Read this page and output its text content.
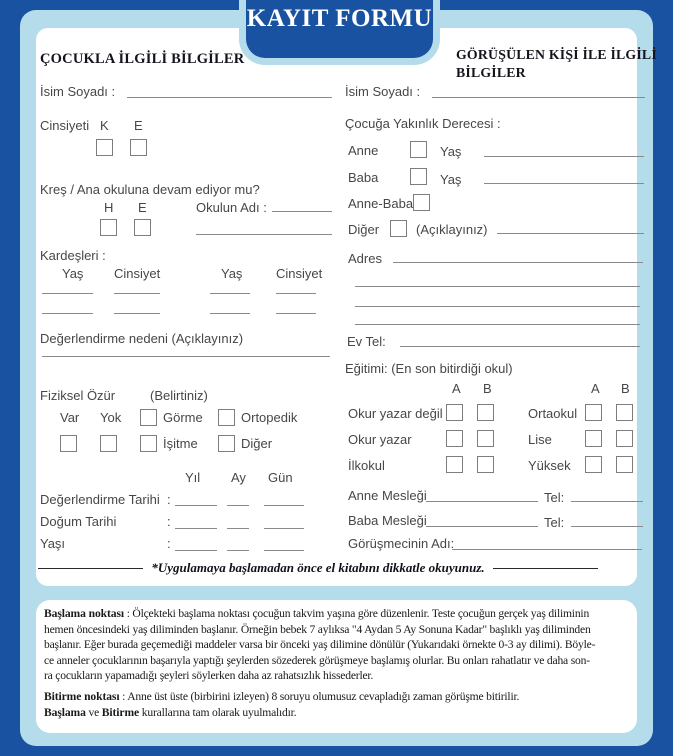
KAYIT FORMU
ÇOCUKLA İLGİLİ BİLGİLER
İsim Soyadı :
Cinsiyeti K E
Kreş / Ana okuluna devam ediyor mu?
H E	Okulun Adı :
Kardeşleri :
Yaş Cinsiyet	Yaş	Cinsiyet
Değerlendirme nedeni (Açıklayınız)
Fiziksel Özür	(Belirtiniz)
Var Yok	Görme	Ortopedik
İşitme	Diğer
Yıl Ay Gün
Değerlendirme Tarihi :
Doğum Tarihi	:
Yaşı	:
GÖRÜŞÜLEN KİŞİ İLE İLGİLİ
BİLGİLER
İsim Soyadı :
Çocuğa Yakınlık Derecesi :
Anne	Yaş
Baba	Yaş
Anne-Baba
Diğer	(Açıklayınız)
Adres
Ev Tel:
Eğitimi: (En son bitirdiği okul)
A B	A B
Okur yazar değil	Ortaokul
Okur yazar	Lise
İlkokul	Yüksek
Anne Mesleği	Tel:
Baba Mesleği	Tel:
Görüşmecinin Adı:
*Uygulamaya başlamadan önce el kitabını dikkatle okuyunuz.
Başlama noktası : Ölçekteki başlama noktası çocuğun takvim yaşına göre düzenlenir. Teste çocuğun gerçek yaş diliminin
hemen öncesindeki yaş diliminden başlanır. Örneğin bebek 7 aylıksa "4 Aydan 5 Ay Sonuna Kadar" başlıklı yaş diliminden
başlanır. Eğer burada geçemediği maddeler varsa bir önceki yaş dilimine dönülür (Yukarıdaki örnekte 0-3 ay dilimi). Böyle-
ce anneler çocuklarının başarıyla yaptığı şeylerden sözederek görüşmeye başlamış olurlar. Bu onları rahatlatır ve daha son-
ra çocukların yapamadığı şeyleri söylerken daha az rahatsızlık hissederler.
Bitirme noktası : Anne üst üste (birbirini izleyen) 8 soruyu olumusuz cevapladığı zaman görüşme bitirilir.
Başlama ve Bitirme kurallarına tam olarak uyulmalıdır.
